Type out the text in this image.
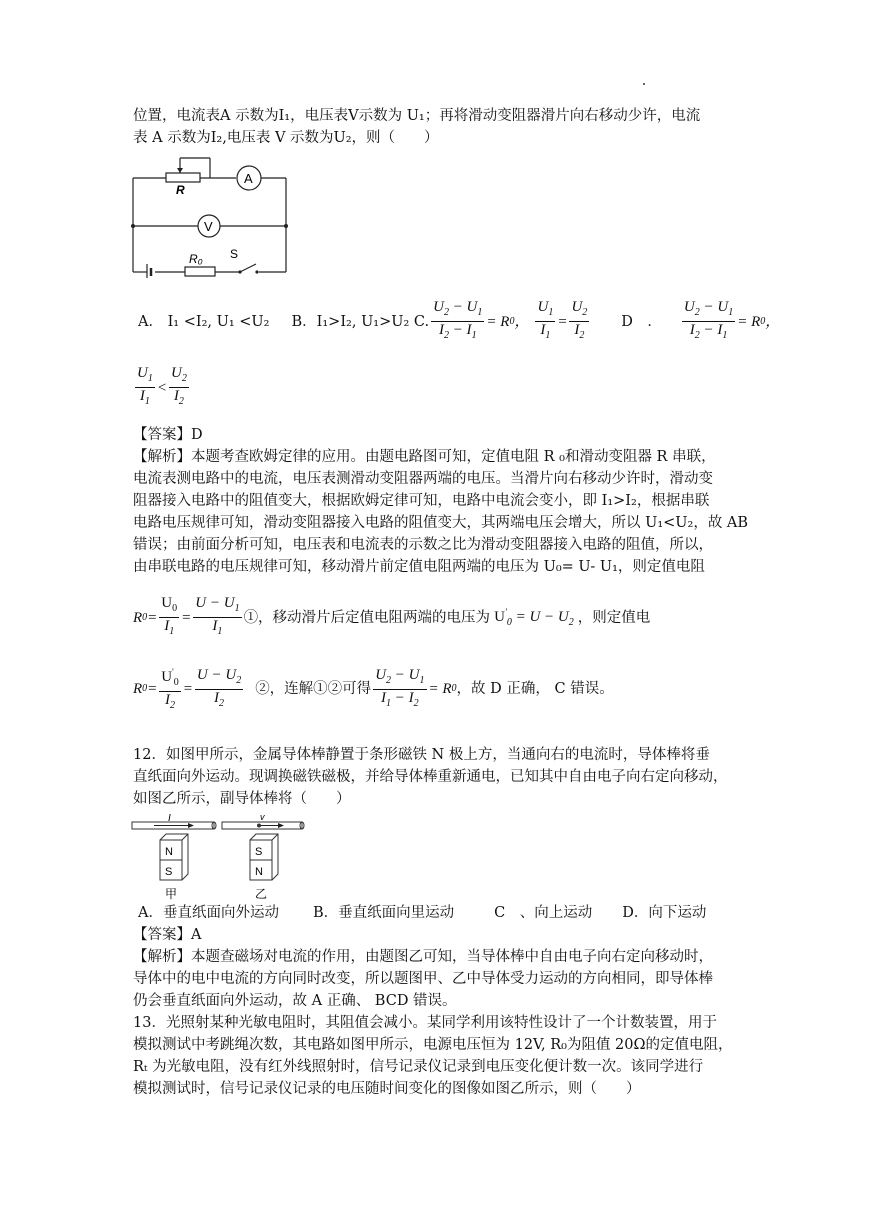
位置，电流表A 示数为I₁，电压表V示数为 U₁；再将滑动变阻器滑片向右移动少许，电流
表 A 示数为I₂,电压表 V 示数为U₂，则（　　）
R
A
V
R₀ S
A． I₁ <I₂, U₁ <U₂ B．I₁>I₂, U₁>U₂ C. $\frac{U_2 - U_1}{I_2 - I_1} = R$ 0 ， $\frac{U_1}{I_1} = \frac{U_2}{I_2}$ D　． $\frac{U_2 - U_1}{I_2 - I_1} = R$ 0 ，
$\frac{U_1}{I_1} < \frac{U_2}{I_2}$
【答案】D
【解析】本题考查欧姆定律的应用。由题电路图可知，定值电阻 R ₀和滑动变阻器 R 串联，
电流表测电路中的电流，电压表测滑动变阻器两端的电压。当滑片向右移动少许时，滑动变
阻器接入电路中的阻值变大，根据欧姆定律可知，电路中电流会变小，即 I₁>I₂，根据串联
电路电压规律可知，滑动变阻器接入电路的阻值变大，其两端电压会增大，所以 U₁<U₂，故 AB
错误；由前面分析可知，电压表和电流表的示数之比为滑动变阻器接入电路的阻值，所以，
由串联电路的电压规律可知，移动滑片前定值电阻两端的电压为 U₀= U- U₁，则定值电阻
R $0 = \frac{U_0}{I_1} = \frac{U - U_1}{I_1}$ ①，移动滑片后定值电阻两端的电压为 $U'_0 = U - U_2$ ，则定值电
R $0 = \frac{U'_0}{I_2} = \frac{U - U_2}{I_2}$ ②，连解①②可得 $\frac{U_2 - U_1}{I_1 - I_2} = R$ 0 ，故 D 正确， C 错误。
12．如图甲所示，金属导体棒静置于条形磁铁 N 极上方，当通向右的电流时，导体棒将垂
直纸面向外运动。现调换磁铁磁极，并给导体棒重新通电，已知其中自由电子向右定向移动，
如图乙所示，副导体棒将（　　）
I	v
N
S
甲
S
N
乙
A．垂直纸面向外运动 B．垂直纸面向里运动	C　、向上运动 D．向下运动
【答案】A
【解析】本题查磁场对电流的作用，由题图乙可知，当导体棒中自由电子向右定向移动时，
导体中的电中电流的方向同时改变，所以题图甲、乙中导体受力运动的方向相同，即导体棒
仍会垂直纸面向外运动，故 A 正确、 BCD 错误。
13．光照射某种光敏电阻时，其阻值会减小。某同学利用该特性设计了一个计数装置，用于
模拟测试中考跳绳次数，其电路如图甲所示，电源电压恒为 12V, R₀为阻值 20Ω的定值电阻，
Rₜ 为光敏电阻，没有红外线照射时，信号记录仪记录到电压变化便计数一次。该同学进行
模拟测试时，信号记录仪记录的电压随时间变化的图像如图乙所示，则（　　）
